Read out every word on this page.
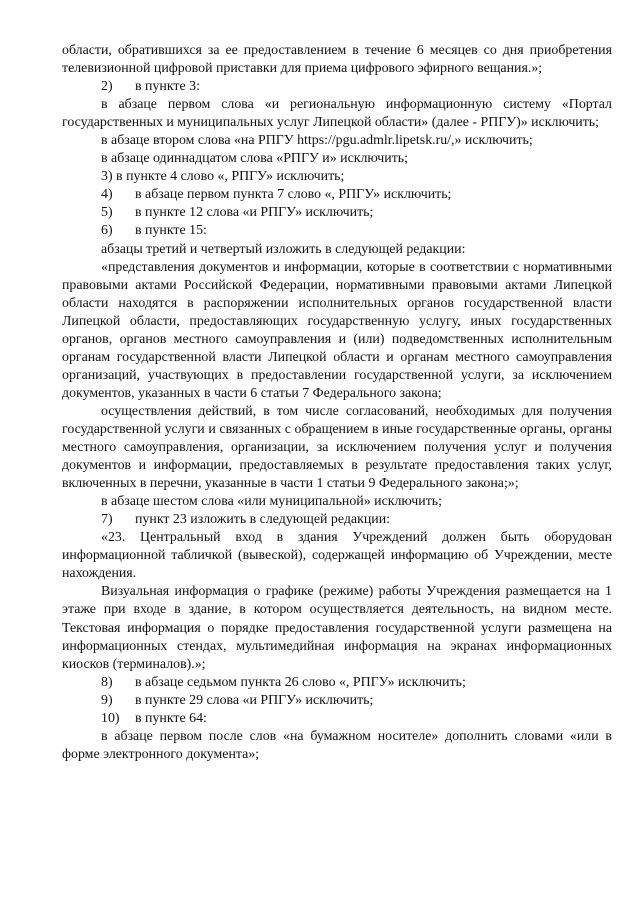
области, обратившихся за ее предоставлением в течение 6 месяцев со дня приобретения телевизионной цифровой приставки для приема цифрового эфирного вещания.»;

2) в пункте 3:

в абзаце первом слова «и региональную информационную систему «Портал государственных и муниципальных услуг Липецкой области» (далее - РПГУ)» исключить;

в абзаце втором слова «на РПГУ https://pgu.admlr.lipetsk.ru/,» исключить;

в абзаце одиннадцатом слова «РПГУ и» исключить;

3) в пункте 4 слово «, РПГУ» исключить;

4) в абзаце первом пункта 7 слово «, РПГУ» исключить;

5) в пункте 12 слова «и РПГУ» исключить;

6) в пункте 15:

абзацы третий и четвертый изложить в следующей редакции:

«представления документов и информации, которые в соответствии с нормативными правовыми актами Российской Федерации, нормативными правовыми актами Липецкой области находятся в распоряжении исполнительных органов государственной власти Липецкой области, предоставляющих государственную услугу, иных государственных органов, органов местного самоуправления и (или) подведомственных исполнительным органам государственной власти Липецкой области и органам местного самоуправления организаций, участвующих в предоставлении государственной услуги, за исключением документов, указанных в части 6 статьи 7 Федерального закона;

осуществления действий, в том числе согласований, необходимых для получения государственной услуги и связанных с обращением в иные государственные органы, органы местного самоуправления, организации, за исключением получения услуг и получения документов и информации, предоставляемых в результате предоставления таких услуг, включенных в перечни, указанные в части 1 статьи 9 Федерального закона;»;

в абзаце шестом слова «или муниципальной» исключить;

7) пункт 23 изложить в следующей редакции:

«23. Центральный вход в здания Учреждений должен быть оборудован информационной табличкой (вывеской), содержащей информацию об Учреждении, месте нахождения.

Визуальная информация о графике (режиме) работы Учреждения размещается на 1 этаже при входе в здание, в котором осуществляется деятельность, на видном месте. Текстовая информация о порядке предоставления государственной услуги размещена на информационных стендах, мультимедийная информация на экранах информационных киосков (терминалов).»;

8) в абзаце седьмом пункта 26 слово «, РПГУ» исключить;

9) в пункте 29 слова «и РПГУ» исключить;

10) в пункте 64:

в абзаце первом после слов «на бумажном носителе» дополнить словами «или в форме электронного документа»;
